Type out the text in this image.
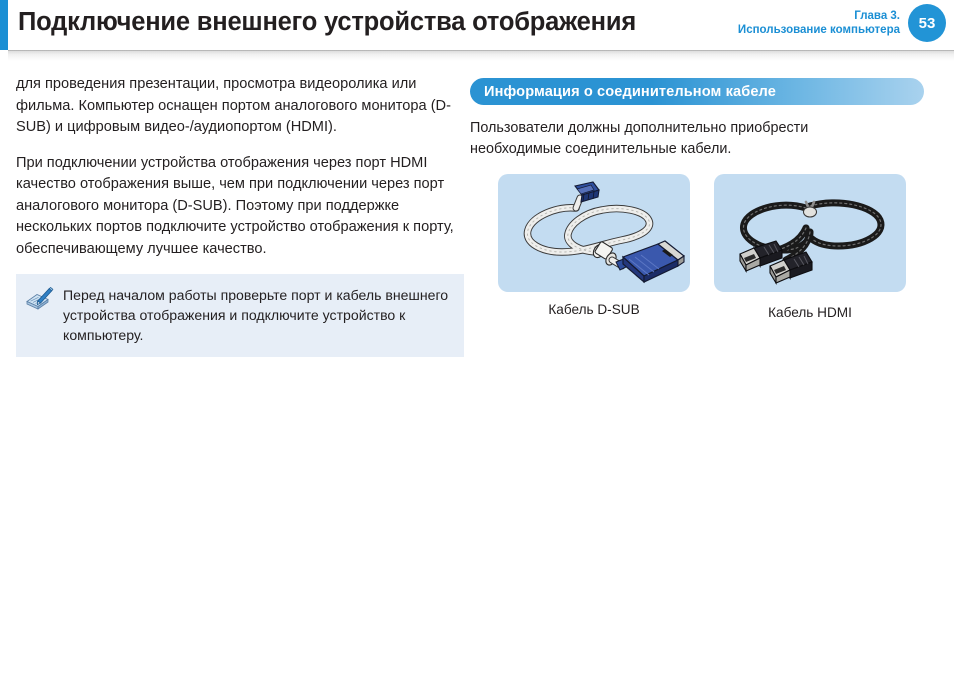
Подключение внешнего устройства отображения	Глава 3.
Использование компьютера	53

для проведения презентации, просмотра видеоролика или фильма. Компьютер оснащен портом аналогового монитора (D-SUB) и цифровым видео-/аудиопортом (HDMI).

При подключении устройства отображения через порт HDMI качество отображения выше, чем при подключении через порт аналогового монитора (D-SUB). Поэтому при поддержке нескольких портов подключите устройство отображения к порту, обеспечивающему лучшее качество.

Перед началом работы проверьте порт и кабель внешнего устройства отображения и подключите устройство к компьютеру.
Информация о соединительном кабеле

Пользователи должны дополнительно приобрести необходимые соединительные кабели.

Кабель D-SUB	Кабель HDMI
